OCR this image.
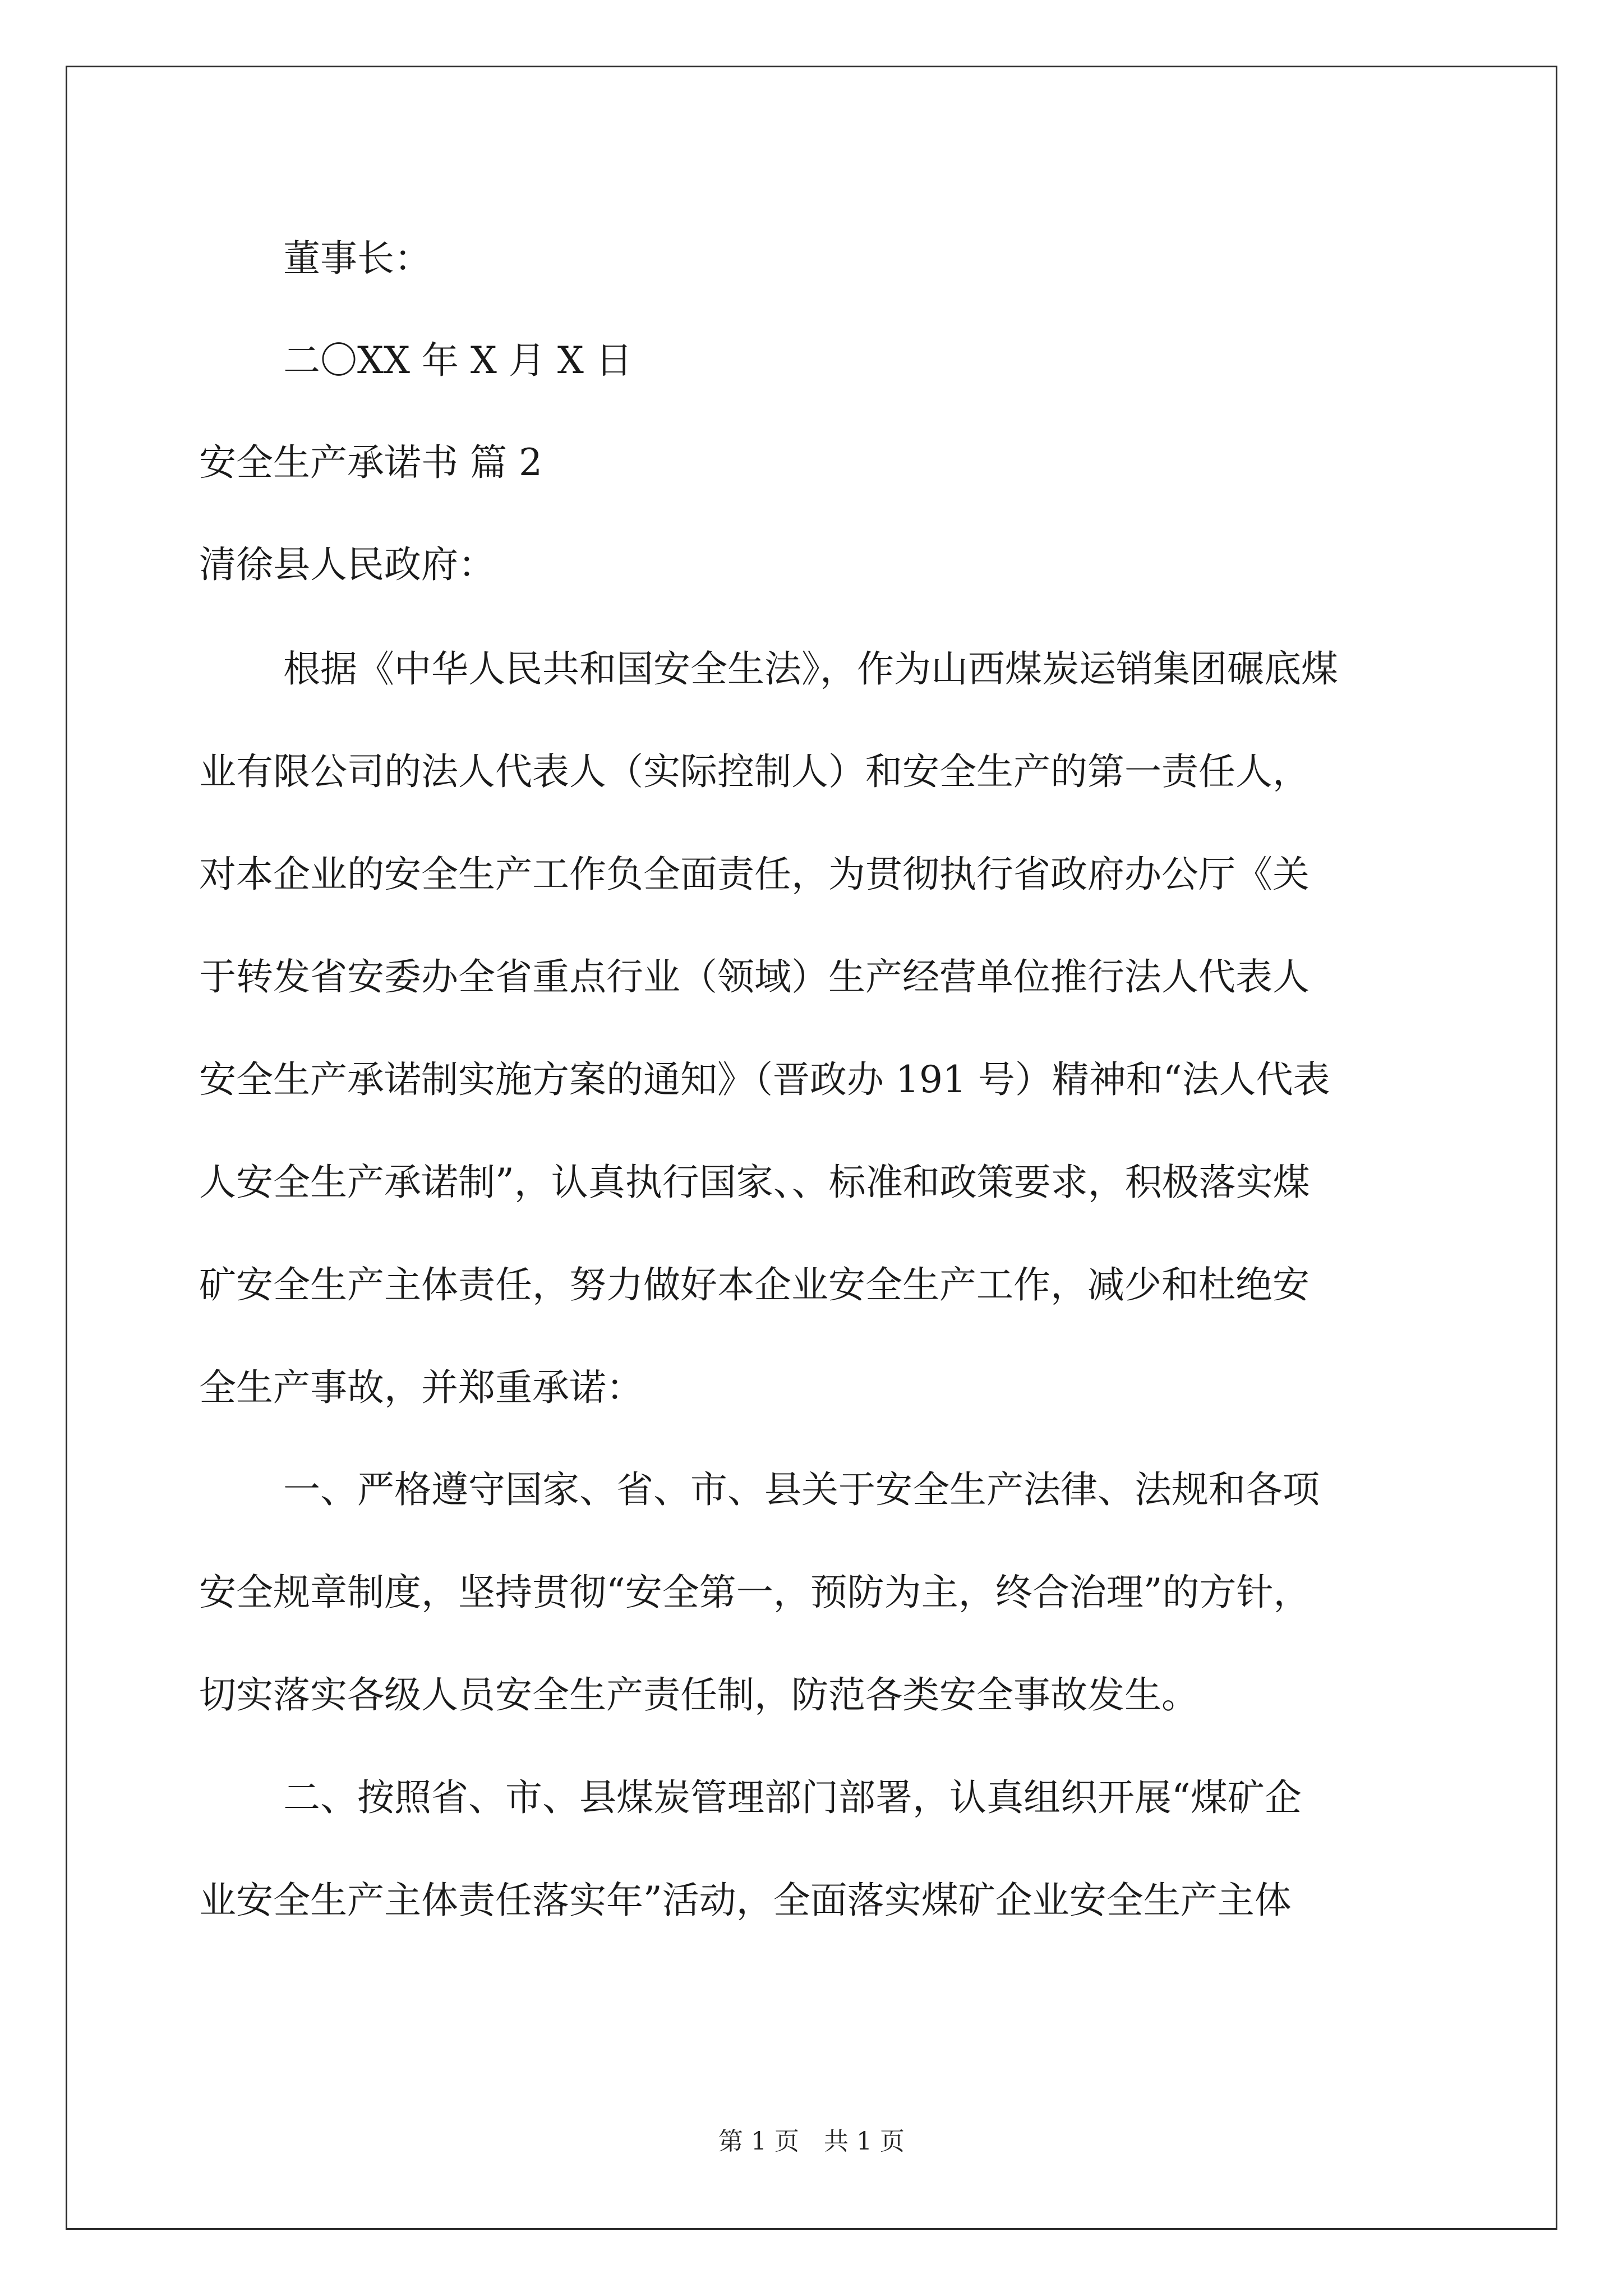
董事长：
二〇XX 年 X 月 X 日
安全生产承诺书 篇 2
清徐县人民政府：
根据《中华人民共和国安全生法》，作为山西煤炭运销集团碾底煤
业有限公司的法人代表人（实际控制人）和安全生产的第一责任人，
对本企业的安全生产工作负全面责任，为贯彻执行省政府办公厅《关
于转发省安委办全省重点行业（领域）生产经营单位推行法人代表人
安全生产承诺制实施方案的通知》（晋政办 191 号）精神和“法人代表
人安全生产承诺制”，认真执行国家、、标准和政策要求，积极落实煤
矿安全生产主体责任，努力做好本企业安全生产工作，减少和杜绝安
全生产事故，并郑重承诺：
一、严格遵守国家、省、市、县关于安全生产法律、法规和各项
安全规章制度，坚持贯彻“安全第一，预防为主，终合治理”的方针，
切实落实各级人员安全生产责任制，防范各类安全事故发生。
二、按照省、市、县煤炭管理部门部署，认真组织开展“煤矿企
业安全生产主体责任落实年”活动，全面落实煤矿企业安全生产主体
第 1 页　共 1 页
